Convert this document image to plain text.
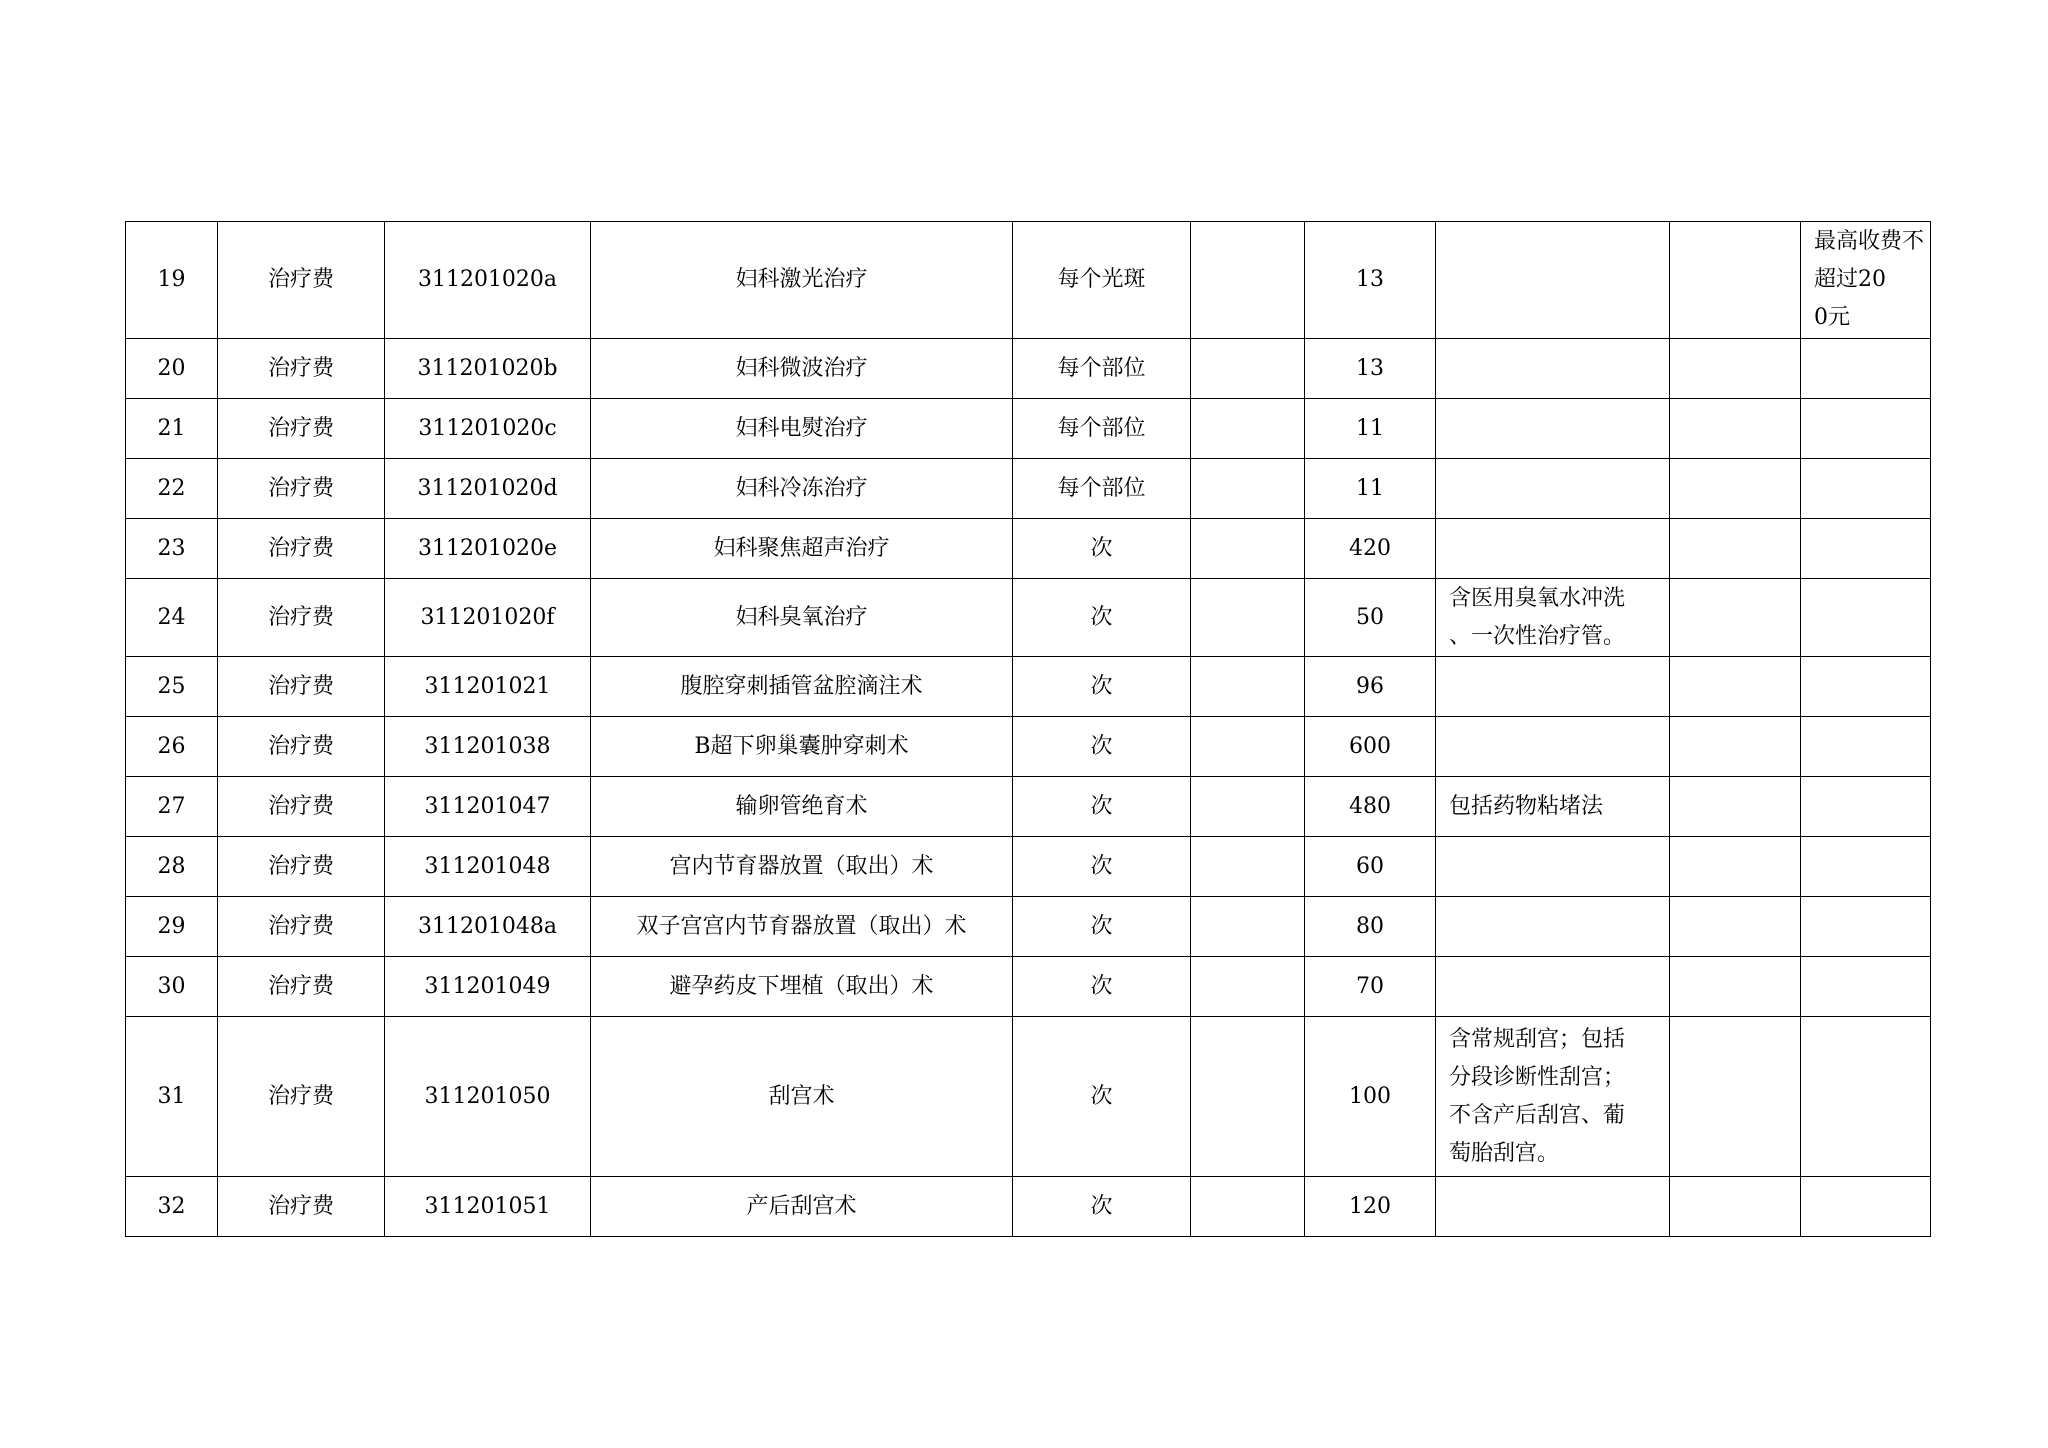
19	治疗费	311201020a	妇科激光治疗	每个光斑		13			最高收费不
超过20
0元

20	治疗费	311201020b	妇科微波治疗	每个部位		13			
21	治疗费	311201020c	妇科电熨治疗	每个部位		11			
22	治疗费	311201020d	妇科冷冻治疗	每个部位		11			
23	治疗费	311201020e	妇科聚焦超声治疗	次		420			
24	治疗费	311201020f	妇科臭氧治疗	次		50	含医用臭氧水冲洗
、一次性治疗管。		

25	治疗费	311201021	腹腔穿刺插管盆腔滴注术	次		96			
26	治疗费	311201038	B超下卵巢囊肿穿刺术	次		600			
27	治疗费	311201047	输卵管绝育术	次		480	包括药物粘堵法		

28	治疗费	311201048	宫内节育器放置（取出）术	次		60			
29	治疗费	311201048a	双子宫宫内节育器放置（取出）术	次		80			
30	治疗费	311201049	避孕药皮下埋植（取出）术	次		70			
31	治疗费	311201050	刮宫术	次		100	含常规刮宫；包括
分段诊断性刮宫；
不含产后刮宫、葡
萄胎刮宫。		

32	治疗费	311201051	产后刮宫术	次		120			
